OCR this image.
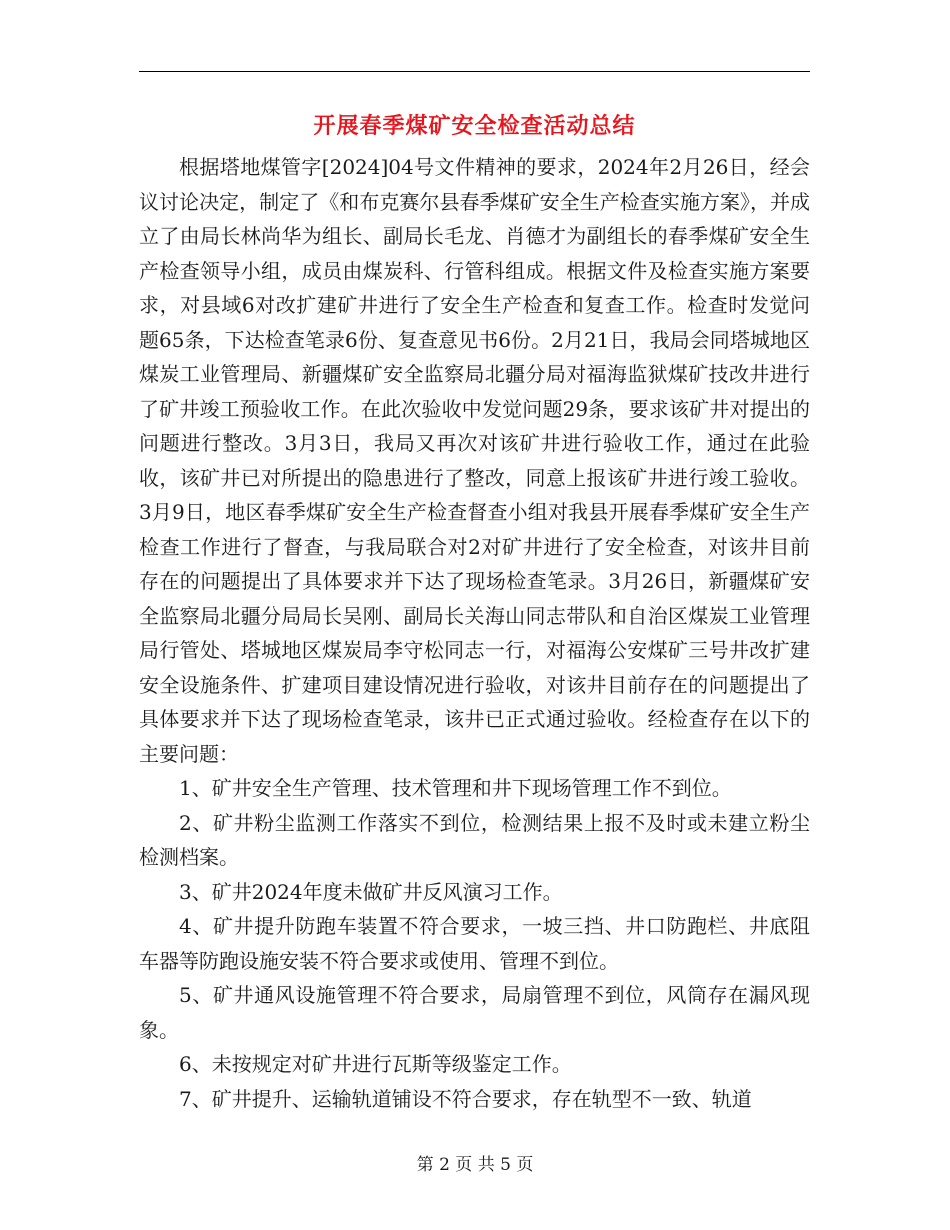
开展春季煤矿安全检查活动总结

根据塔地煤管字[2024]04号文件精神的要求，2024年2月26日，经会议讨论决定，制定了《和布克赛尔县春季煤矿安全生产检查实施方案》，并成立了由局长林尚华为组长、副局长毛龙、肖德才为副组长的春季煤矿安全生产检查领导小组，成员由煤炭科、行管科组成。根据文件及检查实施方案要求，对县域6对改扩建矿井进行了安全生产检查和复查工作。检查时发觉问题65条，下达检查笔录6份、复查意见书6份。2月21日，我局会同塔城地区煤炭工业管理局、新疆煤矿安全监察局北疆分局对福海监狱煤矿技改井进行了矿井竣工预验收工作。在此次验收中发觉问题29条，要求该矿井对提出的问题进行整改。3月3日，我局又再次对该矿井进行验收工作，通过在此验收，该矿井已对所提出的隐患进行了整改，同意上报该矿井进行竣工验收。3月9日，地区春季煤矿安全生产检查督查小组对我县开展春季煤矿安全生产检查工作进行了督查，与我局联合对2对矿井进行了安全检查，对该井目前存在的问题提出了具体要求并下达了现场检查笔录。3月26日，新疆煤矿安全监察局北疆分局局长吴刚、副局长关海山同志带队和自治区煤炭工业管理局行管处、塔城地区煤炭局李守松同志一行，对福海公安煤矿三号井改扩建安全设施条件、扩建项目建设情况进行验收，对该井目前存在的问题提出了具体要求并下达了现场检查笔录，该井已正式通过验收。经检查存在以下的主要问题：

1、矿井安全生产管理、技术管理和井下现场管理工作不到位。

2、矿井粉尘监测工作落实不到位，检测结果上报不及时或未建立粉尘检测档案。

3、矿井2024年度未做矿井反风演习工作。

4、矿井提升防跑车装置不符合要求，一坡三挡、井口防跑栏、井底阻车器等防跑设施安装不符合要求或使用、管理不到位。

5、矿井通风设施管理不符合要求，局扇管理不到位，风筒存在漏风现象。

6、未按规定对矿井进行瓦斯等级鉴定工作。

7、矿井提升、运输轨道铺设不符合要求，存在轨型不一致、轨道

第 2 页 共 5 页
